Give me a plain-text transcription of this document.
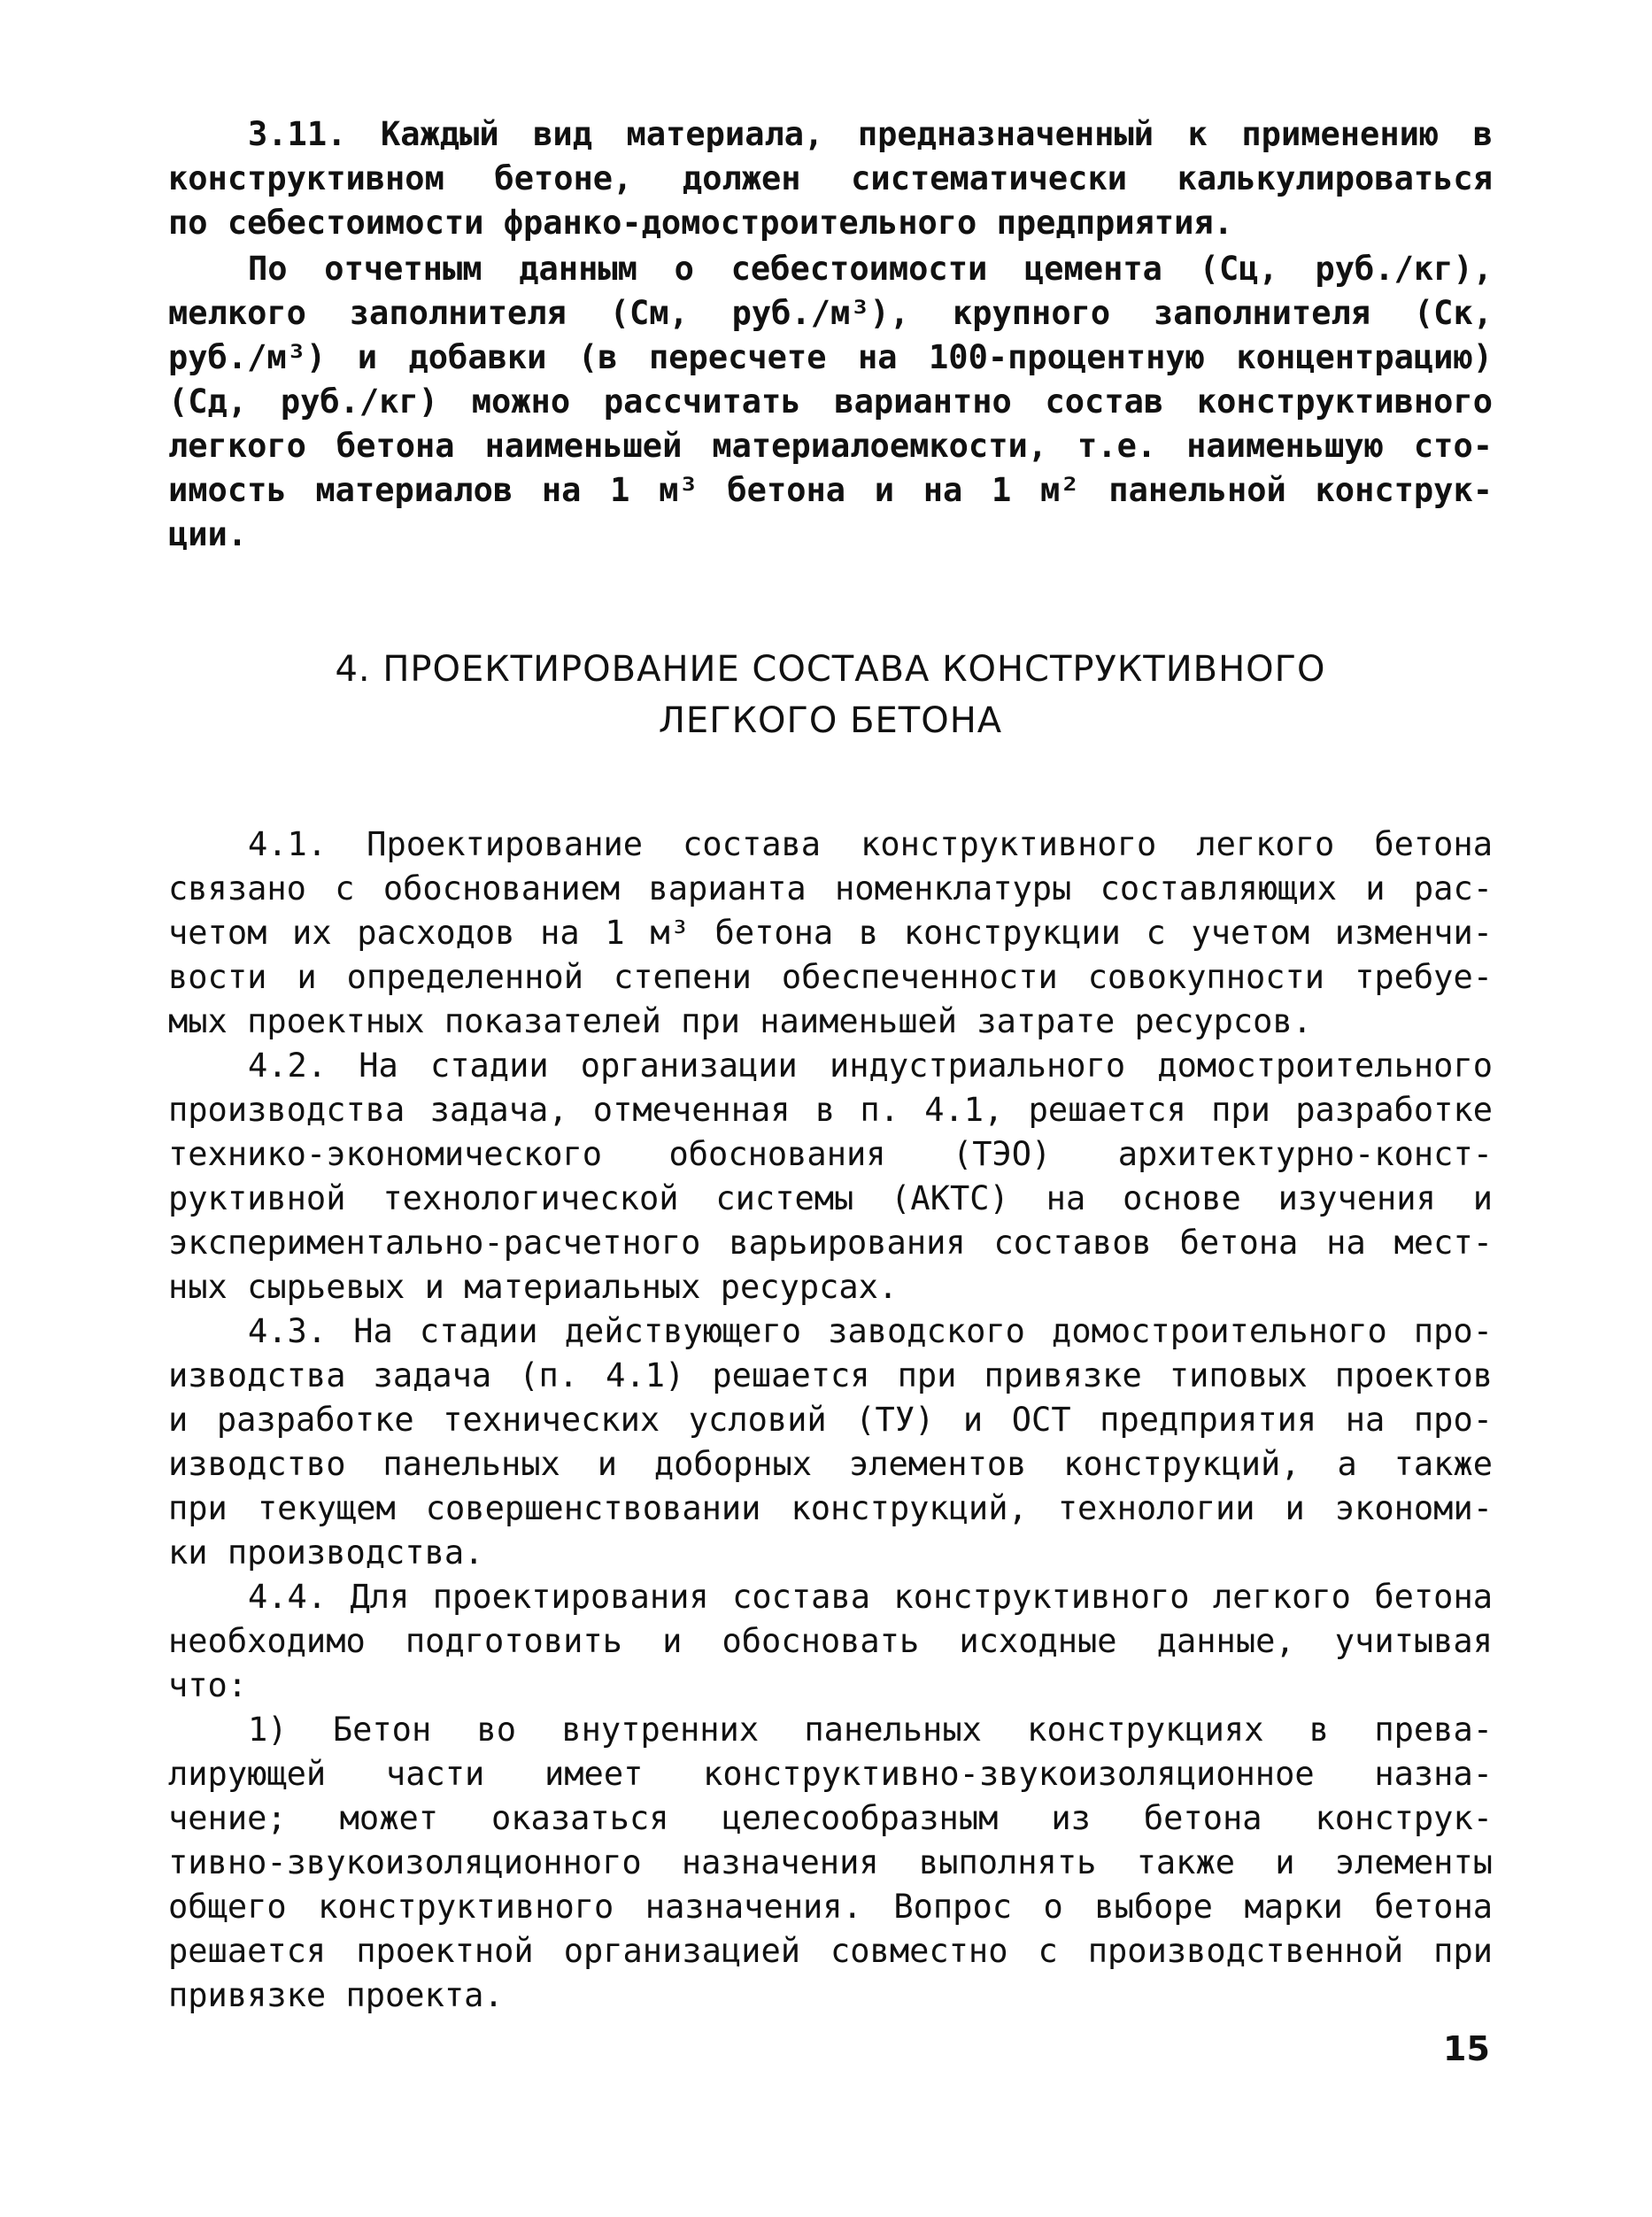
3.11. Каждый вид материала, предназначенный к применению в
конструктивном бетоне, должен систематически калькулироваться
по себестоимости франко-домостроительного предприятия.
По отчетным данным о себестоимости цемента (Сц, руб./кг),
мелкого заполнителя (См, руб./м³), крупного заполнителя (Ск,
руб./м³) и добавки (в пересчете на 100-процентную концентрацию)
(Сд, руб./кг) можно рассчитать вариантно состав конструктивного
легкого бетона наименьшей материалоемкости, т.е. наименьшую сто-
имость материалов на 1 м³ бетона и на 1 м² панельной конструк-
ции.
4. ПРОЕКТИРОВАНИЕ СОСТАВА КОНСТРУКТИВНОГО
ЛЕГКОГО БЕТОНА
4.1. Проектирование состава конструктивного легкого бетона
связано с обоснованием варианта номенклатуры составляющих и рас-
четом их расходов на 1 м³ бетона в конструкции с учетом изменчи-
вости и определенной степени обеспеченности совокупности требуе-
мых проектных показателей при наименьшей затрате ресурсов.
4.2. На стадии организации индустриального домостроительного
производства задача, отмеченная в п. 4.1, решается при разработке
технико-экономического обоснования (ТЭО) архитектурно-конст-
руктивной технологической системы (АКТС) на основе изучения и
экспериментально-расчетного варьирования составов бетона на мест-
ных сырьевых и материальных ресурсах.
4.3. На стадии действующего заводского домостроительного про-
изводства задача (п. 4.1) решается при привязке типовых проектов
и разработке технических условий (ТУ) и ОСТ предприятия на про-
изводство панельных и доборных элементов конструкций, а также
при текущем совершенствовании конструкций, технологии и экономи-
ки производства.
4.4. Для проектирования состава конструктивного легкого бетона
необходимо подготовить и обосновать исходные данные, учитывая
что:
1) Бетон во внутренних панельных конструкциях в прева-
лирующей части имеет конструктивно-звукоизоляционное назна-
чение; может оказаться целесообразным из бетона конструк-
тивно-звукоизоляционного назначения выполнять также и элементы
общего конструктивного назначения. Вопрос о выборе марки бетона
решается проектной организацией совместно с производственной при
привязке проекта.
15
